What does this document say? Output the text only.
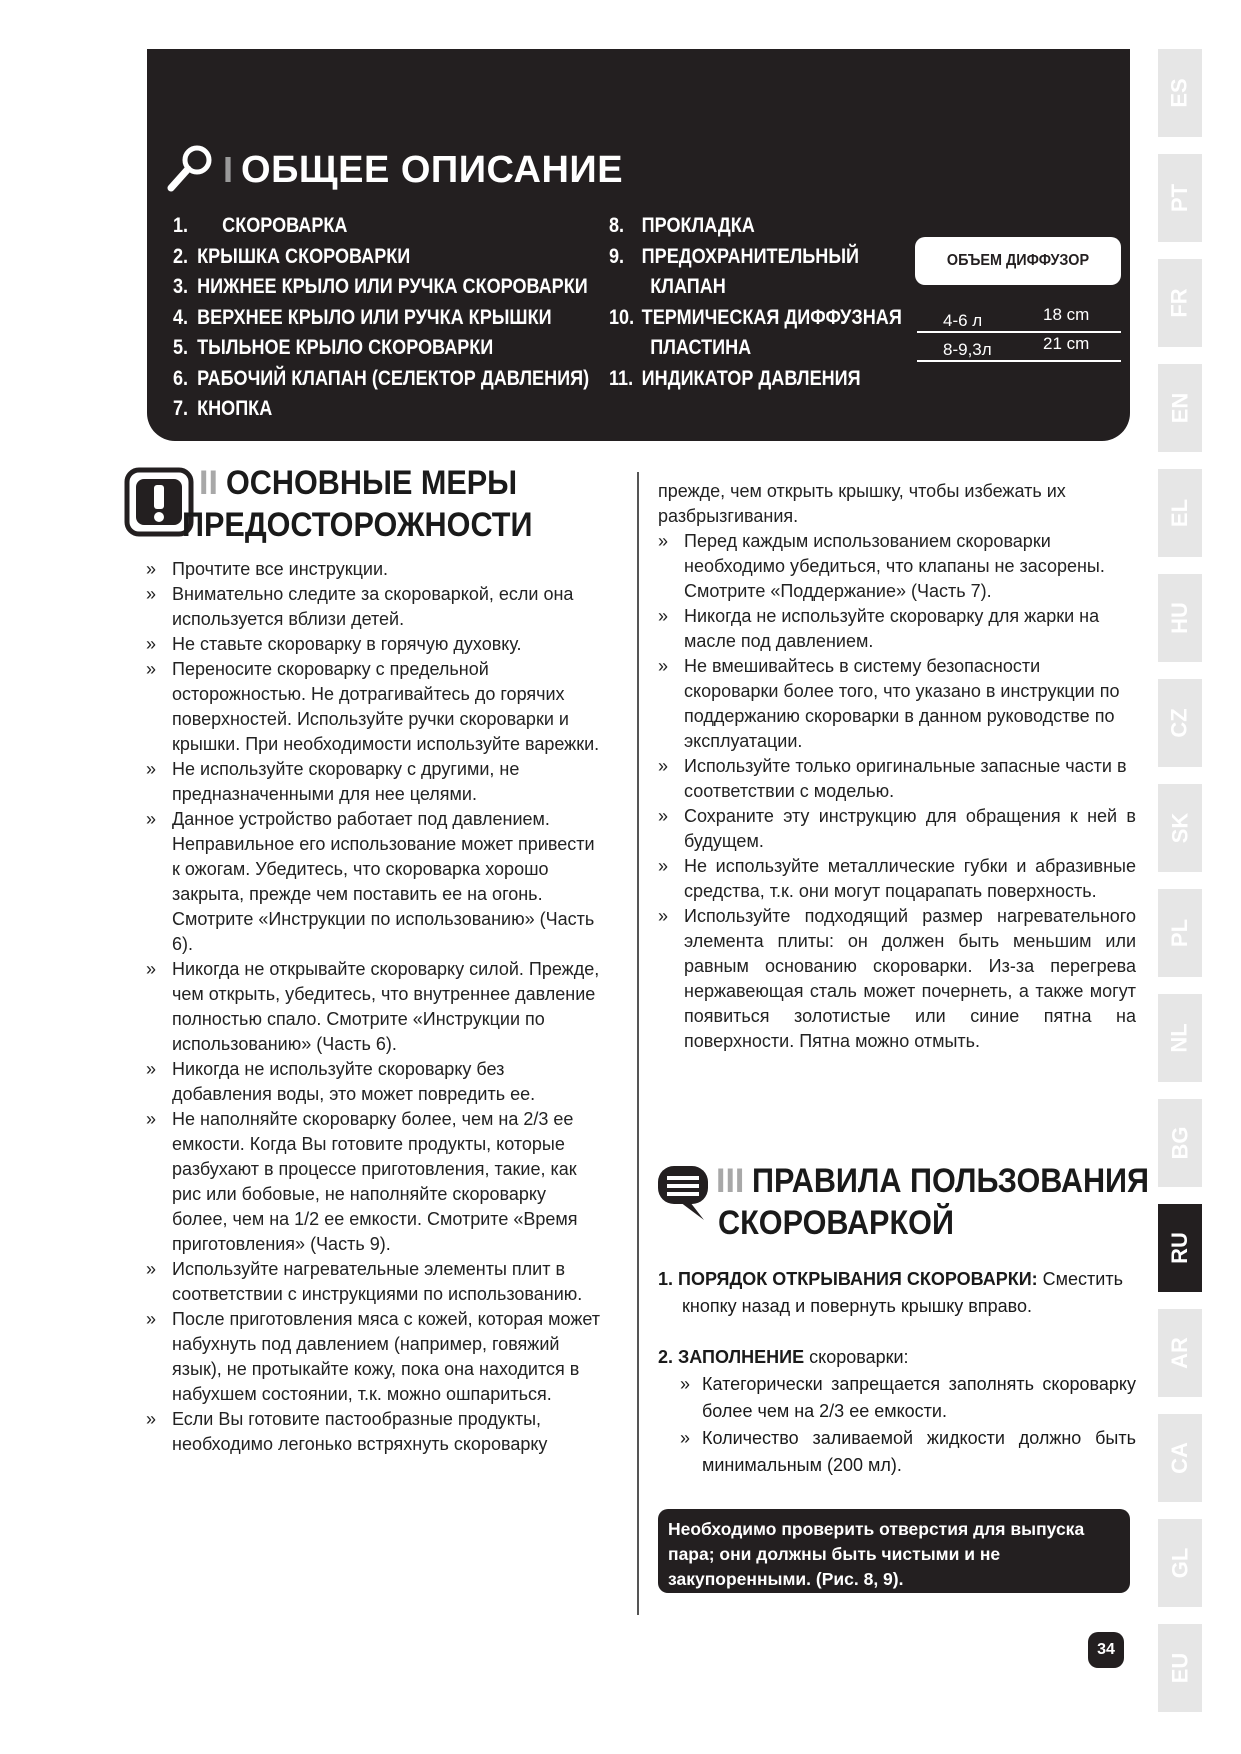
I ОБЩЕЕ ОПИСАНИЕ
1. СКОРОВАРКА
2. КРЫШКА СКОРОВАРКИ
3. НИЖНЕЕ КРЫЛО ИЛИ РУЧКА СКОРОВАРКИ
4. ВЕРХНЕЕ КРЫЛО ИЛИ РУЧКА КРЫШКИ
5. ТЫЛЬНОЕ КРЫЛО СКОРОВАРКИ
6. РАБОЧИЙ КЛАПАН (СЕЛЕКТОР ДАВЛЕНИЯ)
7. КНОПКА
8. ПРОКЛАДКА
9. ПРЕДОХРАНИТЕЛЬНЫЙ
КЛАПАН
10. ТЕРМИЧЕСКАЯ ДИФФУЗНАЯ
ПЛАСТИНА
11. ИНДИКАТОР ДАВЛЕНИЯ
ОБЪЕМ ДИФФУЗОР
4-6 л	18 cm
8-9,3л	21 cm
II ОСНОВНЫЕ МЕРЫ
ПРЕДОСТОРОЖНОСТИ

» Прочтите все инструкции.

» Внимательно следите за скороваркой, если она используется вблизи детей.

» Не ставьте скороварку в горячую духовку.

» Переносите скороварку с предельной осторожностью. Не дотрагивайтесь до горячих поверхностей. Используйте ручки скороварки и крышки. При необходимости используйте варежки.

» Не используйте скороварку с другими, не предназначенными для нее целями.

» Данное устройство работает под давлением. Неправильное его использование может привести к ожогам. Убедитесь, что скороварка хорошо закрыта, прежде чем поставить ее на огонь. Смотрите «Инструкции по использованию» (Часть 6).

» Никогда не открывайте скороварку силой. Прежде, чем открыть, убедитесь, что внутреннее давление полностью спало. Смотрите «Инструкции по использованию» (Часть 6).

» Никогда не используйте скороварку без добавления воды, это может повредить ее.

» Не наполняйте скороварку более, чем на 2/3 ее емкости. Когда Вы готовите продукты, которые разбухают в процессе приготовления, такие, как рис или бобовые, не наполняйте скороварку более, чем на 1/2 ее емкости. Смотрите «Время приготовления» (Часть 9).

» Используйте нагревательные элементы плит в соответствии с инструкциями по использованию.

» После приготовления мяса с кожей, которая может набухнуть под давлением (например, говяжий язык), не протыкайте кожу, пока она находится в набухшем состоянии, т.к. можно ошпариться.

» Если Вы готовите пастообразные продукты, необходимо легонько встряхнуть скороварку

прежде, чем открыть крышку, чтобы избежать их разбрызгивания.

» Перед каждым использованием скороварки необходимо убедиться, что клапаны не засорены. Смотрите «Поддержание» (Часть 7).

» Никогда не используйте скороварку для жарки на масле под давлением.

» Не вмешивайтесь в систему безопасности скороварки более того, что указано в инструкции по поддержанию скороварки в данном руководстве по эксплуатации.

» Используйте только оригинальные запасные части в соответствии с моделью.

» Сохраните эту инструкцию для обращения к ней в будущем.

» Не используйте металлические губки и абразивные средства, т.к. они могут поцарапать поверхность.

» Используйте подходящий размер нагревательного элемента плиты: он должен быть меньшим или равным основанию скороварки. Из-за перегрева нержавеющая сталь может почернеть, а также могут появиться золотистые или синие пятна на поверхности. Пятна можно отмыть.

III ПРАВИЛА ПОЛЬЗОВАНИЯ
СКОРОВАРКОЙ
1. ПОРЯДОК ОТКРЫВАНИЯ СКОРОВАРКИ: Сместить
кнопку назад и повернуть крышку вправо.
2. ЗАПОЛНЕНИЕ скороварки:
» Категорически запрещается заполнять скороварку более чем на 2/3 ее емкости.
» Количество заливаемой жидкости должно быть минимальным (200 мл).
Необходимо проверить отверстия для выпуска пара; они должны быть чистыми и не закупоренными. (Рис. 8, 9).
34
ES
PT
FR
EN
EL
HU
CZ
SK
PL
NL
BG
RU
AR
CA
GL
EU
